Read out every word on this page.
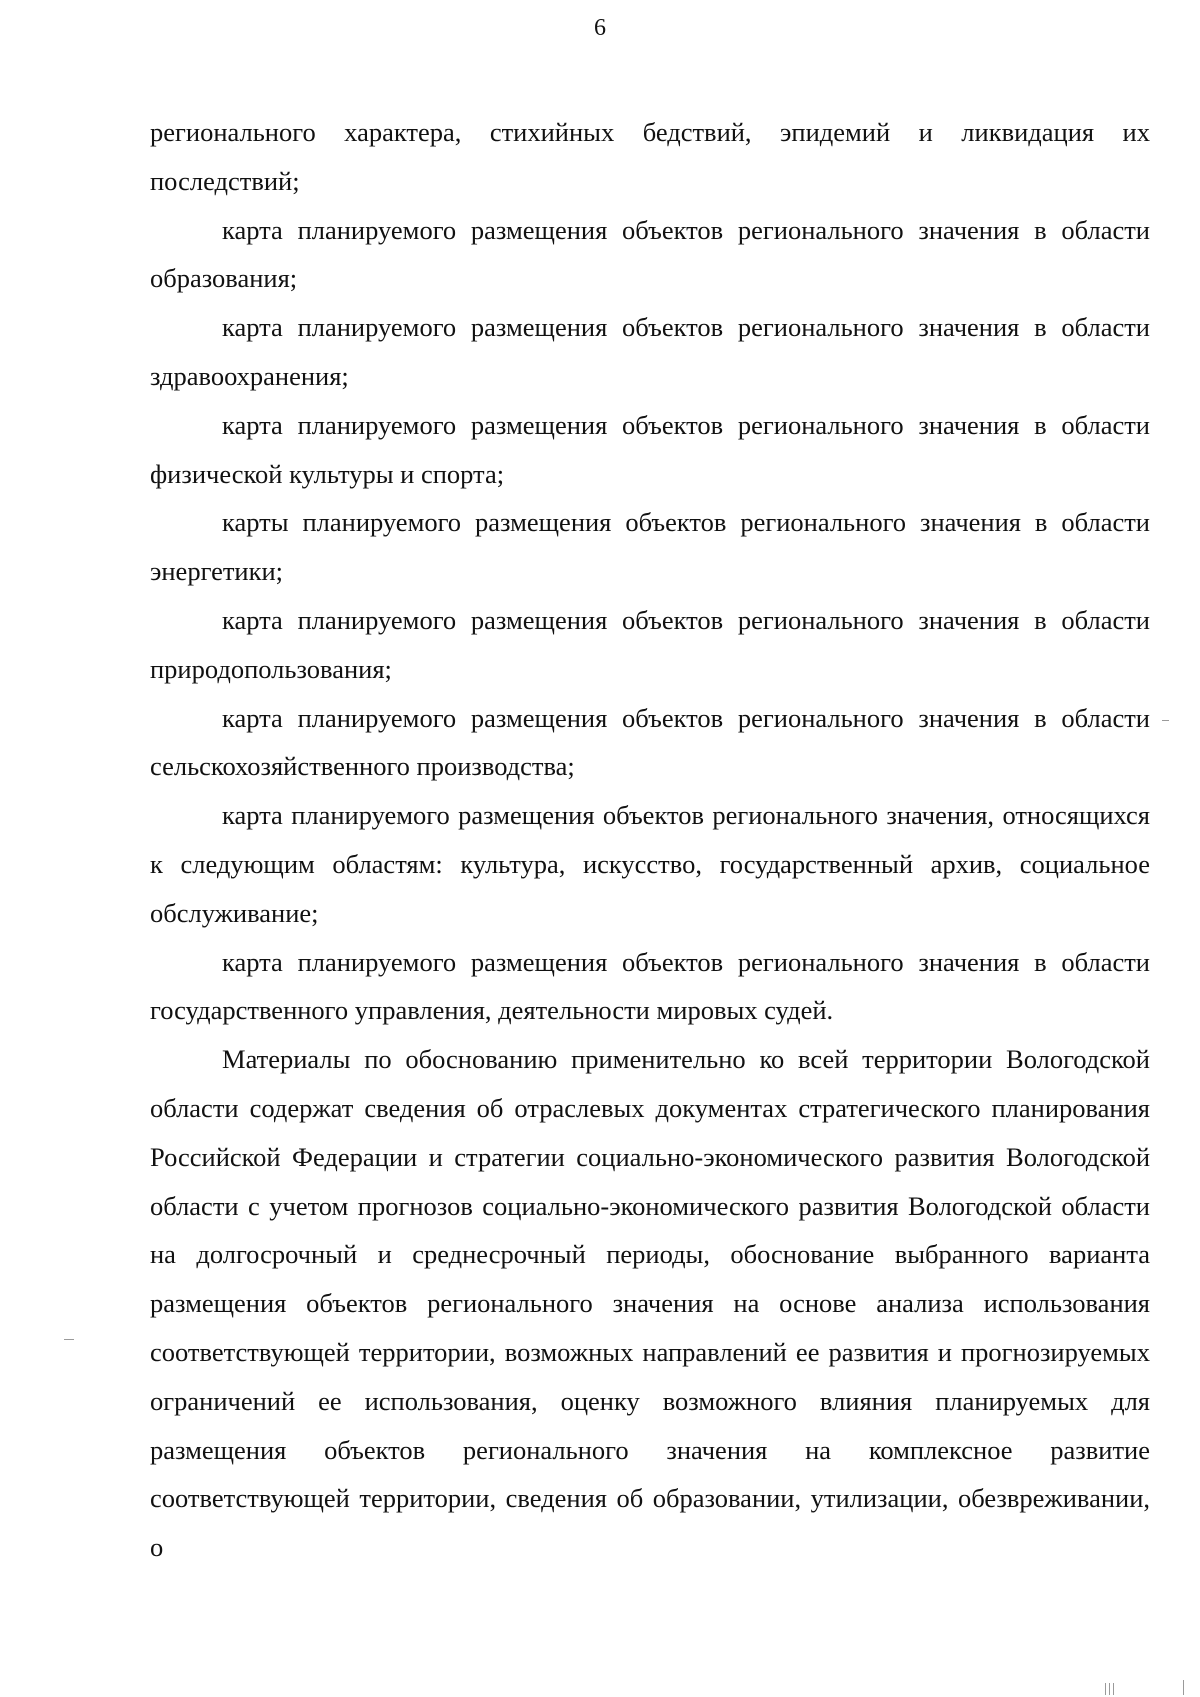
6

регионального характера, стихийных бедствий, эпидемий и ликвидация их последствий;

карта планируемого размещения объектов регионального значения в области образования;

карта планируемого размещения объектов регионального значения в области здравоохранения;

карта планируемого размещения объектов регионального значения в области физической культуры и спорта;

карты планируемого размещения объектов регионального значения в области энергетики;

карта планируемого размещения объектов регионального значения в области природопользования;

карта планируемого размещения объектов регионального значения в области сельскохозяйственного производства;

карта планируемого размещения объектов регионального значения, относящихся к следующим областям: культура, искусство, государственный архив, социальное обслуживание;

карта планируемого размещения объектов регионального значения в области государственного управления, деятельности мировых судей.

Материалы по обоснованию применительно ко всей территории Вологодской области содержат сведения об отраслевых документах стратегического планирования Российской Федерации и стратегии социально-экономического развития Вологодской области с учетом прогнозов социально-экономического развития Вологодской области на долгосрочный и среднесрочный периоды, обоснование выбранного варианта размещения объектов регионального значения на основе анализа использования соответствующей территории, возможных направлений ее развития и прогнозируемых ограничений ее использования, оценку возможного влияния планируемых для размещения объектов регионального значения на комплексное развитие соответствующей территории, сведения об образовании, утилизации, обезвреживании, о
